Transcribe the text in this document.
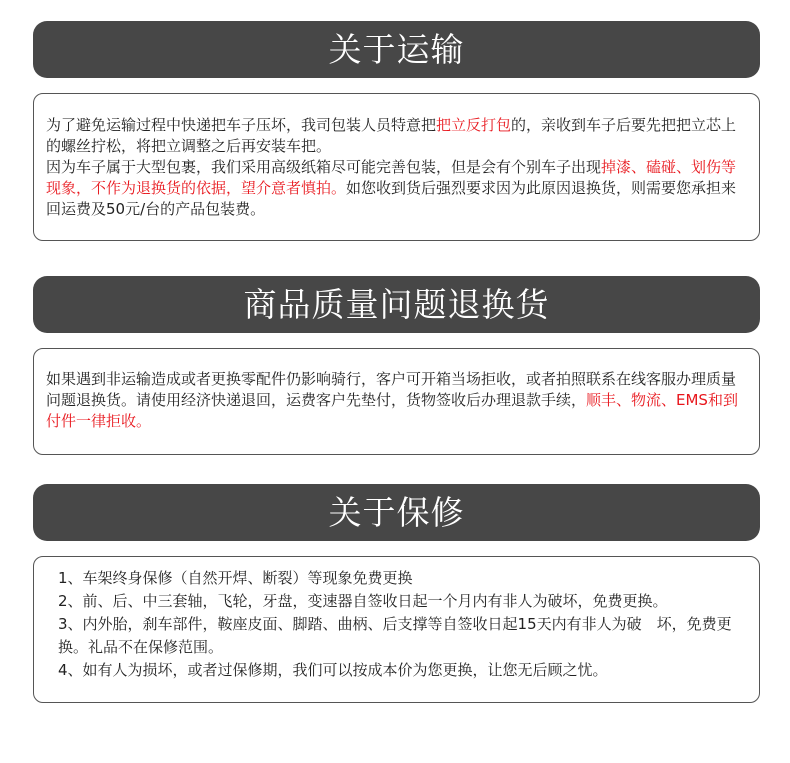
关于运输

为了避免运输过程中快递把车子压坏，我司包装人员特意把把立反打包的，亲收到车子后要先把把立芯上的螺丝拧松，将把立调整之后再安装车把。

因为车子属于大型包裹，我们采用高级纸箱尽可能完善包装，但是会有个别车子出现掉漆、磕碰、划伤等现象，不作为退换货的依据，望介意者慎拍。如您收到货后强烈要求因为此原因退换货，则需要您承担来回运费及50元/台的产品包装费。

商品质量问题退换货

如果遇到非运输造成或者更换零配件仍影响骑行，客户可开箱当场拒收，或者拍照联系在线客服办理质量问题退换货。请使用经济快递退回，运费客户先垫付，货物签收后办理退款手续，顺丰、物流、EMS和到付件一律拒收。

关于保修

1、车架终身保修（自然开焊、断裂）等现象免费更换

2、前、后、中三套轴，飞轮，牙盘，变速器自签收日起一个月内有非人为破坏，免费更换。

3、内外胎，刹车部件，鞍座皮面、脚踏、曲柄、后支撑等自签收日起15天内有非人为破　坏，免费更换。礼品不在保修范围。

4、如有人为损坏，或者过保修期，我们可以按成本价为您更换，让您无后顾之忧。
